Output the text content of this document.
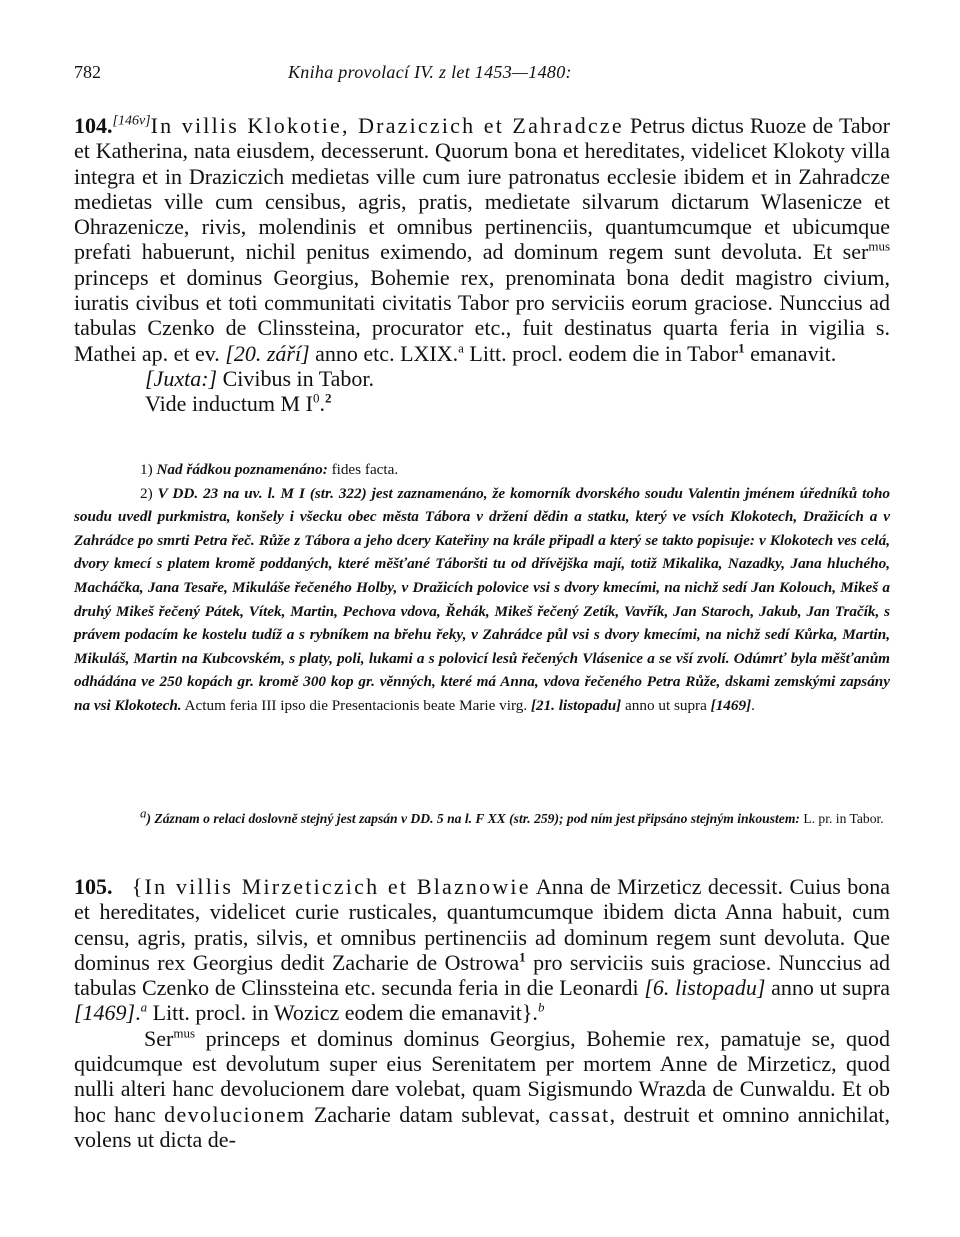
782	Kniha provolací IV. z let 1453—1480:

104.[146v]In villis Klokotie, Draziczich et Zahradcze Petrus dictus Ruoze de Tabor et Katherina, nata eiusdem, decesserunt. Quorum bona et hereditates, videlicet Klokoty villa integra et in Draziczich medietas ville cum iure patronatus ecclesie ibidem et in Zahradcze medietas ville cum censibus, agris, pratis, medietate silvarum dictarum Wlasenicze et Ohrazenicze, rivis, molendinis et omnibus pertinenciis, quantumcumque et ubicumque prefati habuerunt, nichil penitus eximendo, ad dominum regem sunt devoluta. Et ser$^{mus}$ princeps et dominus Georgius, Bohemie rex, prenominata bona dedit magistro civium, iuratis civibus et toti communitati civitatis Tabor pro serviciis eorum graciose. Nunccius ad tabulas Czenko de Clinssteina, procurator etc., fuit destinatus quarta feria in vigilia s. Mathei ap. et ev. [20. září] anno etc. LXIX.$^a$ Litt. procl. eodem die in Tabor$^1$ emanavit.

[Juxta:] Civibus in Tabor.
Vide inductum M $I^0.^2$

1) Nad řádkou poznamenáno: fides facta.

2) V DD. 23 na uv. l. M I (str. 322) jest zaznamenáno, že komorník dvorského soudu Valentin jménem úředníků toho soudu uvedl purkmistra, konšely i všecku obec města Tábora v držení dědin a statku, který ve vsích Klokotech, Dražicích a v Zahrádce po smrti Petra řeč. Růže z Tábora a jeho dcery Kateřiny na krále připadl a který se takto popisuje: v Klokotech ves celá, dvory kmecí s platem kromě poddaných, které měšťané Táboršti tu od dřívějška mají, totiž Mikalika, Nazadky, Jana hluchého, Macháčka, Jana Tesaře, Mikuláše řečeného Holby, v Dražicích polovice vsi s dvory kmecími, na nichž sedí Jan Kolouch, Mikeš a druhý Mikeš řečený Pátek, Vítek, Martin, Pechova vdova, Řehák, Mikeš řečený Zetík, Vavřík, Jan Staroch, Jakub, Jan Tračík, s právem podacím ke kostelu tudíž a s rybníkem na břehu řeky, v Zahrádce půl vsi s dvory kmecími, na nichž sedí Kůrka, Martin, Mikuláš, Martin na Kubcovském, s platy, poli, lukami a s polovicí lesů řečených Vlásenice a se vší zvolí. Odúmrť byla měšťanům odhádána ve 250 kopách gr. kromě 300 kop gr. věnných, které má Anna, vdova řečeného Petra Růže, dskami zemskými zapsány na vsi Klokotech. Actum feria III ipso die Presentacionis beate Marie virg. [21. listopadu] anno ut supra [1469].

a) Záznam o relaci doslovně stejný jest zapsán v DD. 5 na l. F XX (str. 259); pod ním jest připsáno stejným inkoustem: L. pr. in Tabor.

105. {In villis Mirzeticzich et Blaznowie Anna de Mirzeticz decessit. Cuius bona et hereditates, videlicet curie rusticales, quantumcumque ibidem dicta Anna habuit, cum censu, agris, pratis, silvis, et omnibus pertinenciis ad dominum regem sunt devoluta. Que dominus rex Georgius dedit Zacharie de Ostrowa$^1$ pro serviciis suis graciose. Nunccius ad tabulas Czenko de Clinssteina etc. secunda feria in die Leonardi [6. listopadu] anno ut supra [1469].$^a$ Litt. procl. in Wozicz eodem die emanavit}.$^b$

Ser$^{mus}$ princeps et dominus dominus Georgius, Bohemie rex, pamatuje se, quod quidcumque est devolutum super eius Serenitatem per mortem Anne de Mirzeticz, quod nulli alteri hanc devolucionem dare volebat, quam Sigismundo Wrazda de Cunwaldu. Et ob hoc hanc devolucionem Zacharie datam sublevat, cassat, destruit et omnino annichilat, volens ut dicta de-
